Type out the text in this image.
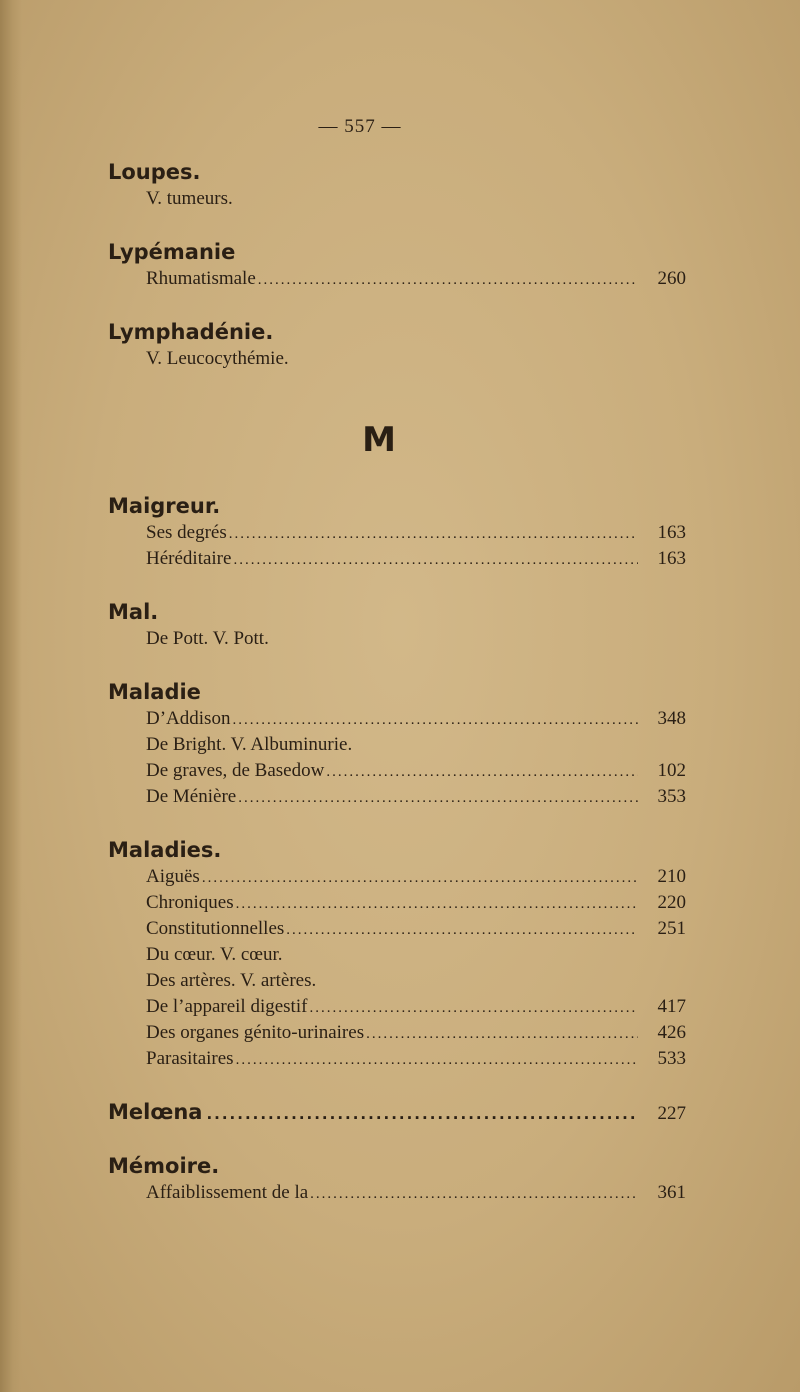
— 557 —
Loupes.
V. tumeurs.
Lypémanie
Rhumatismale .....	260
Lymphadénie.
V. Leucocythémie.
M
Maigreur.
Ses degrés .....	163
Héréditaire .....	163
Mal.
De Pott. V. Pott.
Maladie
D’Addison .....	348
De Bright. V. Albuminurie.
De graves, de Basedow .....	102
De Ménière .....	353
Maladies.
Aiguës .....	210
Chroniques .....	220
Constitutionnelles .....	251
Du cœur. V. cœur.
Des artères. V. artères.
De l’appareil digestif .....	417
Des organes génito-urinaires .....	426
Parasitaires .....	533
Melœna .....	227
Mémoire.
Affaiblissement de la .....	361
